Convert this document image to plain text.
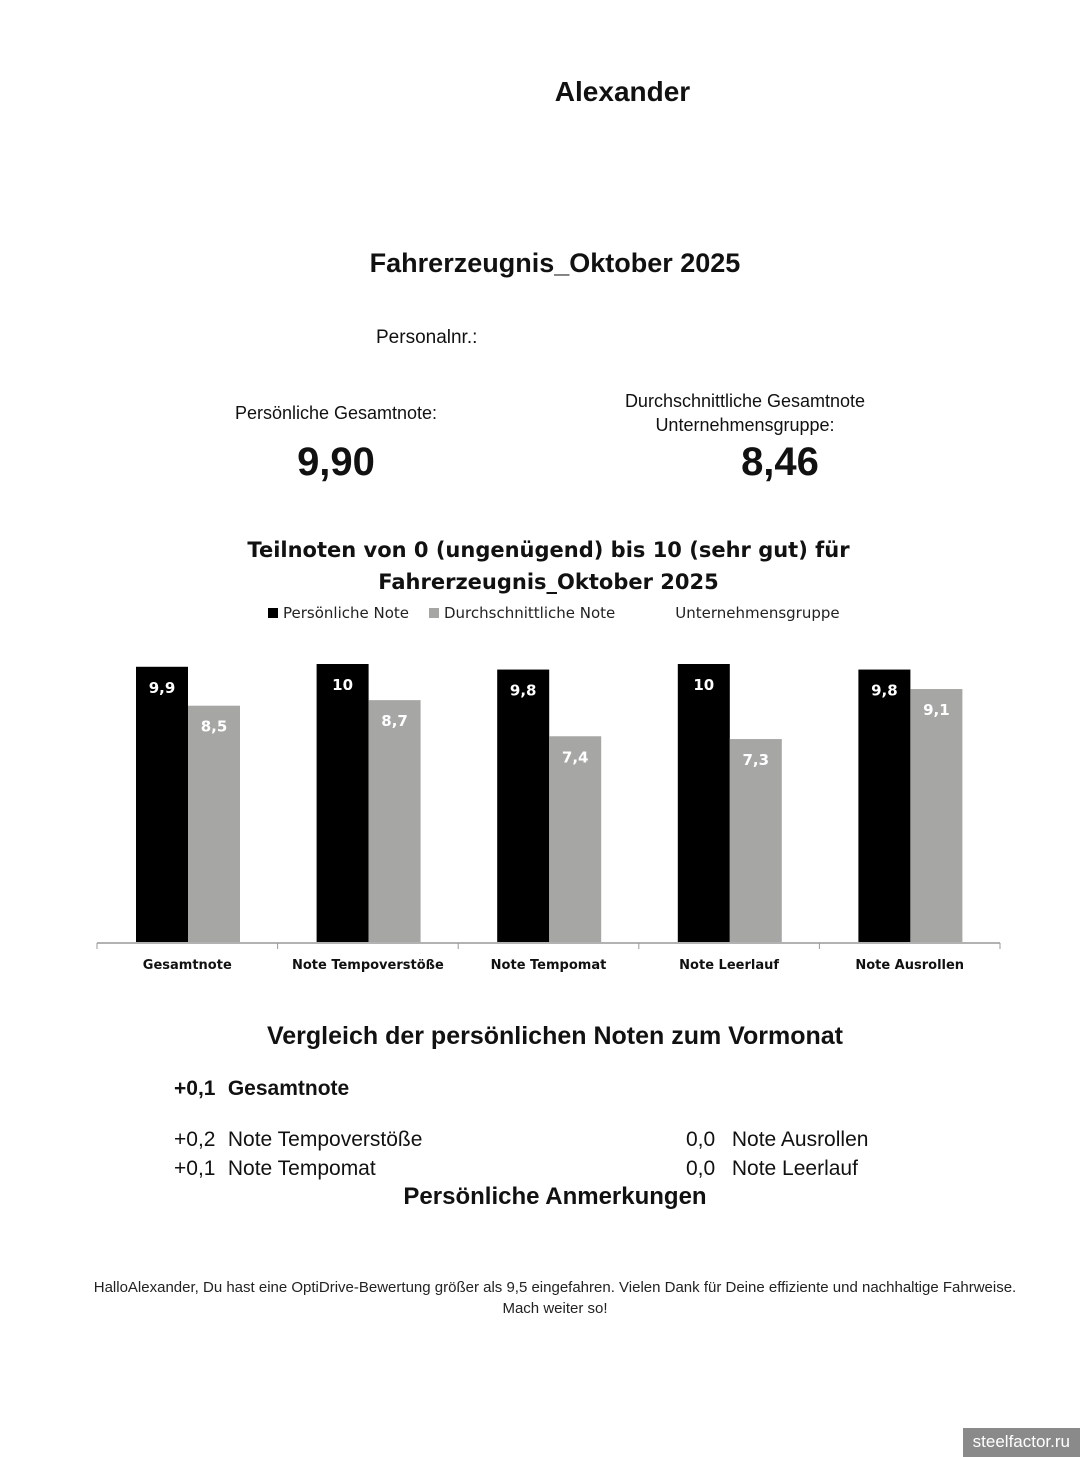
Alexander
Fahrerzeugnis_Oktober 2025
Personalnr.:
Persönliche Gesamtnote:
9,90
Durchschnittliche Gesamtnote
Unternehmensgruppe:
8,46
Teilnoten von 0 (ungenügend) bis 10 (sehr gut) für
Fahrerzeugnis_Oktober 2025
Persönliche Note Durchschnittliche Note	Unternehmensgruppe
9,9
8,5
Gesamtnote
10
8,7
Note Tempoverstöße
9,8
7,4
Note Tempomat
10
7,3
Note Leerlauf
9,8
9,1
Note Ausrollen
Vergleich der persönlichen Noten zum Vormonat
+0,1 Gesamtnote
+0,2 Note Tempoverstöße
+0,1 Note Tempomat
0,0 Note Ausrollen
0,0 Note Leerlauf
Persönliche Anmerkungen
HalloAlexander, Du hast eine OptiDrive-Bewertung größer als 9,5 eingefahren. Vielen Dank für Deine effiziente und nachhaltige Fahrweise. Mach weiter so!
steelfactor.ru
